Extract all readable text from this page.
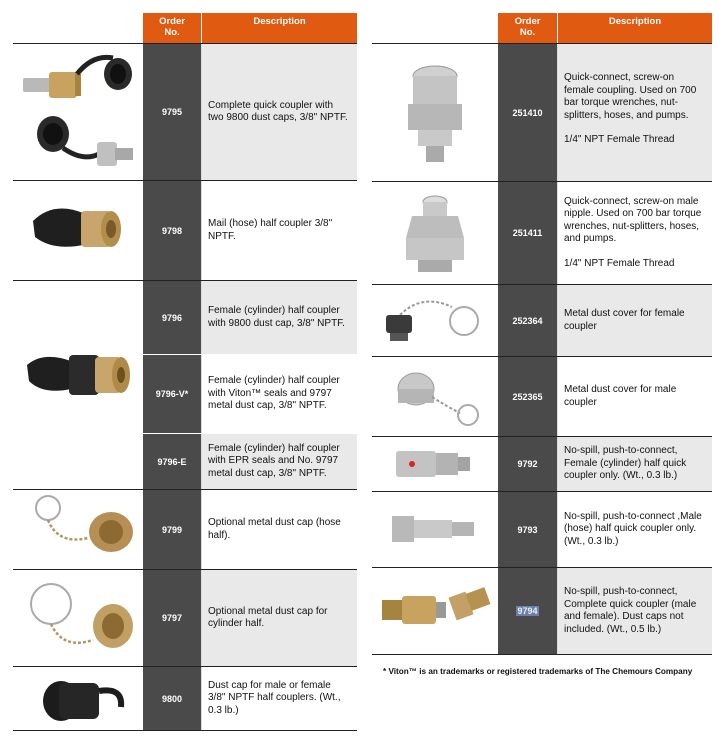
Order
No.
Description
9795
Complete quick coupler with two 9800 dust caps, 3/8" NPTF.
9798
Mail (hose) half coupler 3/8" NPTF.
9796
Female (cylinder) half coupler with 9800 dust cap, 3/8" NPTF.
9796-V*
Female (cylinder) half coupler with Viton™ seals and 9797 metal dust cap, 3/8" NPTF.
9796-E
Female (cylinder) half coupler with EPR seals and No. 9797 metal dust cap, 3/8" NPTF.
9799
Optional metal dust cap (hose half).
9797
Optional metal dust cap for cylinder half.
9800
Dust cap for male or female 3/8" NPTF half couplers. (Wt., 0.3 lb.)
Order
No.
Description
251410
Quick-connect, screw-on female coupling. Used on 700 bar torque wrenches, nut-splitters, hoses, and pumps.
1/4" NPT Female Thread
251411
Quick-connect, screw-on male nipple. Used on 700 bar torque wrenches, nut-splitters, hoses, and pumps.
1/4" NPT Female Thread
252364
Metal dust cover for female coupler
252365
Metal dust cover for male coupler
9792
No-spill, push-to-connect, Female (cylinder) half quick coupler only. (Wt., 0.3 lb.)
9793
No-spill, push-to-connect ,Male (hose) half quick coupler only. (Wt., 0.3 lb.)
9794
No-spill, push-to-connect, Complete quick coupler (male and female). Dust caps not included. (Wt., 0.5 lb.)
* Viton™ is an trademarks or registered trademarks of The Chemours Company
